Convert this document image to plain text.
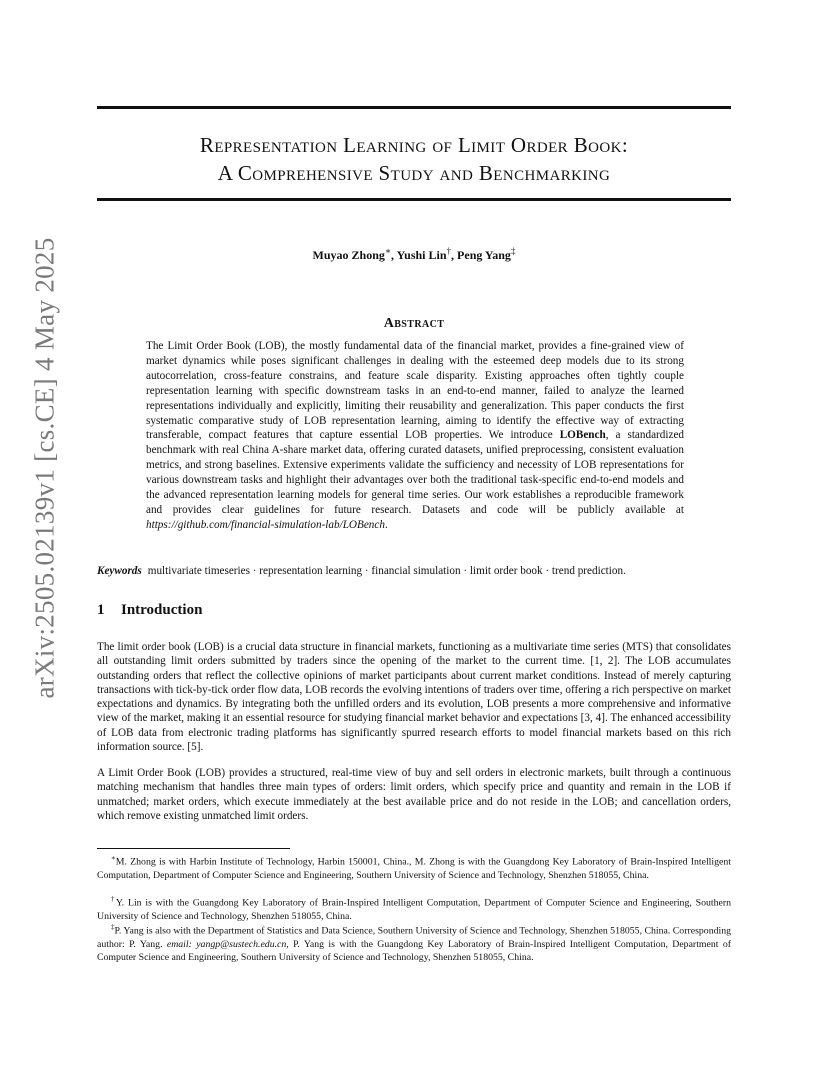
arXiv:2505.02139v1 [cs.CE] 4 May 2025
Representation Learning of Limit Order Book:
A Comprehensive Study and Benchmarking
Muyao Zhong∗, Yushi Lin†, Peng Yang‡
Abstract

The Limit Order Book (LOB), the mostly fundamental data of the financial market, provides a fine-grained view of market dynamics while poses significant challenges in dealing with the esteemed deep models due to its strong autocorrelation, cross-feature constrains, and feature scale disparity. Existing approaches often tightly couple representation learning with specific downstream tasks in an end-to-end manner, failed to analyze the learned representations individually and explicitly, limiting their reusability and generalization. This paper conducts the first systematic comparative study of LOB representation learning, aiming to identify the effective way of extracting transferable, compact features that capture essential LOB properties. We introduce LOBench, a standardized benchmark with real China A-share market data, offering curated datasets, unified preprocessing, consistent evaluation metrics, and strong baselines. Extensive experiments validate the sufficiency and necessity of LOB representations for various downstream tasks and highlight their advantages over both the traditional task-specific end-to-end models and the advanced representation learning models for general time series. Our work establishes a reproducible framework and provides clear guidelines for future research. Datasets and code will be publicly available at https://github.com/financial-simulation-lab/LOBench.

Keywords multivariate timeseries · representation learning · financial simulation · limit order book · trend prediction.
1 Introduction

The limit order book (LOB) is a crucial data structure in financial markets, functioning as a multivariate time series (MTS) that consolidates all outstanding limit orders submitted by traders since the opening of the market to the current time. [1, 2]. The LOB accumulates outstanding orders that reflect the collective opinions of market participants about current market conditions. Instead of merely capturing transactions with tick-by-tick order flow data, LOB records the evolving intentions of traders over time, offering a rich perspective on market expectations and dynamics. By integrating both the unfilled orders and its evolution, LOB presents a more comprehensive and informative view of the market, making it an essential resource for studying financial market behavior and expectations [3, 4]. The enhanced accessibility of LOB data from electronic trading platforms has significantly spurred research efforts to model financial markets based on this rich information source. [5].

A Limit Order Book (LOB) provides a structured, real-time view of buy and sell orders in electronic markets, built through a continuous matching mechanism that handles three main types of orders: limit orders, which specify price and quantity and remain in the LOB if unmatched; market orders, which execute immediately at the best available price and do not reside in the LOB; and cancellation orders, which remove existing unmatched limit orders.

∗M. Zhong is with Harbin Institute of Technology, Harbin 150001, China., M. Zhong is with the Guangdong Key Laboratory of Brain-Inspired Intelligent Computation, Department of Computer Science and Engineering, Southern University of Science and Technology, Shenzhen 518055, China.

†Y. Lin is with the Guangdong Key Laboratory of Brain-Inspired Intelligent Computation, Department of Computer Science and Engineering, Southern University of Science and Technology, Shenzhen 518055, China.

‡P. Yang is also with the Department of Statistics and Data Science, Southern University of Science and Technology, Shenzhen 518055, China. Corresponding author: P. Yang. email: yangp@sustech.edu.cn, P. Yang is with the Guangdong Key Laboratory of Brain-Inspired Intelligent Computation, Department of Computer Science and Engineering, Southern University of Science and Technology, Shenzhen 518055, China.
